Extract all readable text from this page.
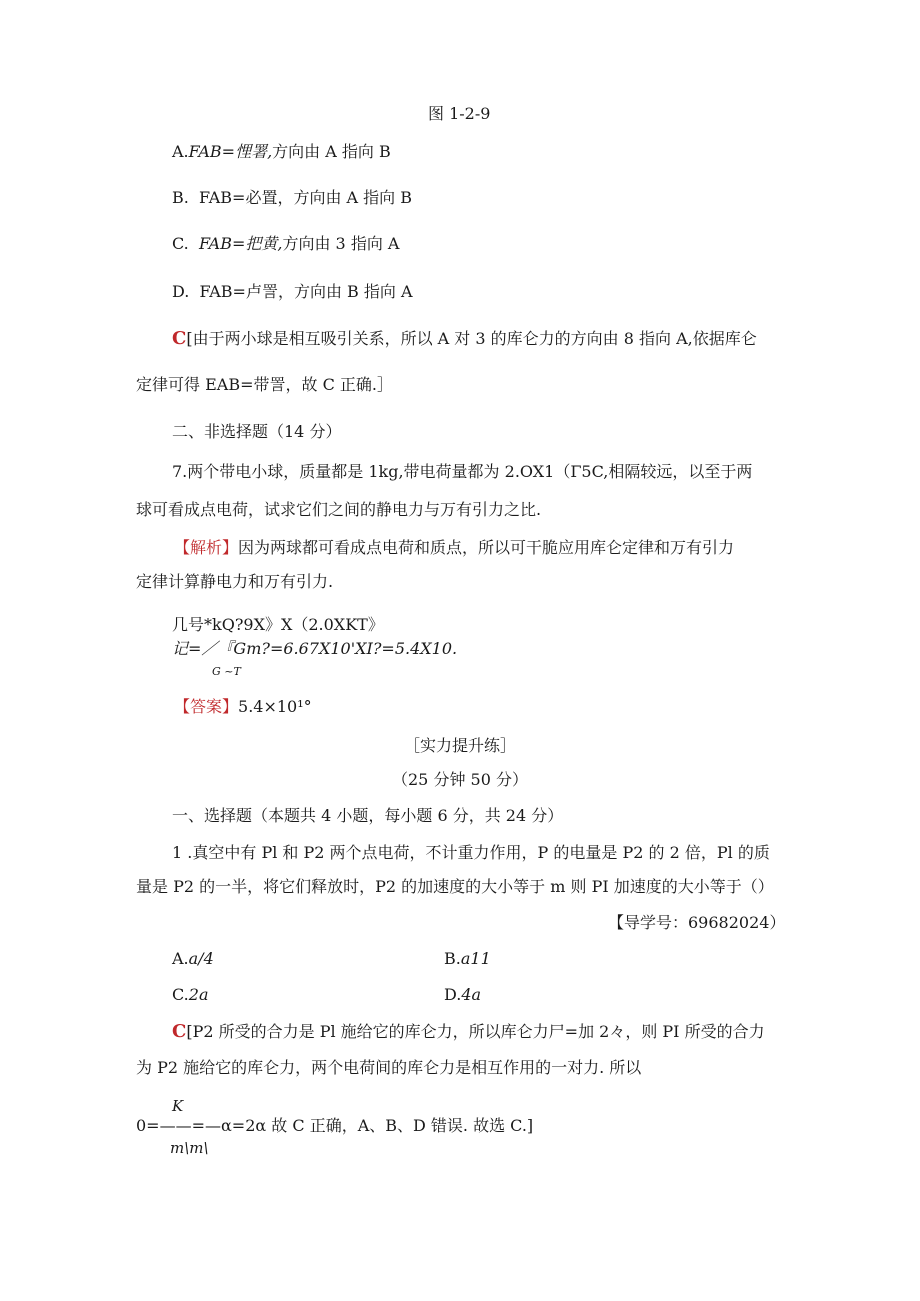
图 1-2-9
A.FAB=悝署,方向由 A 指向 B
B. FAB=必置，方向由 A 指向 B
C. FAB=把黄,方向由 3 指向 A
D. FAB=卢詈，方向由 B 指向 A
C[由于两小球是相互吸引关系，所以 A 对 3 的库仑力的方向由 8 指向 A,依据库仑
定律可得 EAB=带詈，故 C 正确.］
二、非选择题（14 分）
7.两个带电小球，质量都是 1kg,带电荷量都为 2.OX1（Γ5C,相隔较远，以至于两
球可看成点电荷，试求它们之间的静电力与万有引力之比.
【解析】因为两球都可看成点电荷和质点，所以可干脆应用库仑定律和万有引力
定律计算静电力和万有引力.
几号*kQ?9X》X（2.0XKT》
记=／『Gm?=6.67X10'XI?=5.4X10.
G ~T
【答案】5.4×10¹°
［实力提升练］
（25 分钟 50 分）
一、选择题（本题共 4 小题，每小题 6 分，共 24 分）
1 .真空中有 Pl 和 P2 两个点电荷，不计重力作用，P 的电量是 P2 的 2 倍，Pl 的质
量是 P2 的一半，将它们释放时，P2 的加速度的大小等于 m 则 PI 加速度的大小等于（）
【导学号：69682024）
A.a/4	B.a11
C.2a	D.4a
C[P2 所受的合力是 Pl 施给它的库仑力，所以库仑力尸=加 2々，则 PI 所受的合力
为 P2 施给它的库仑力，两个电荷间的库仑力是相互作用的一对力. 所以
K
0=——=—α=2α 故 C 正确，A、B、D 错误. 故选 C.]
m\m\
